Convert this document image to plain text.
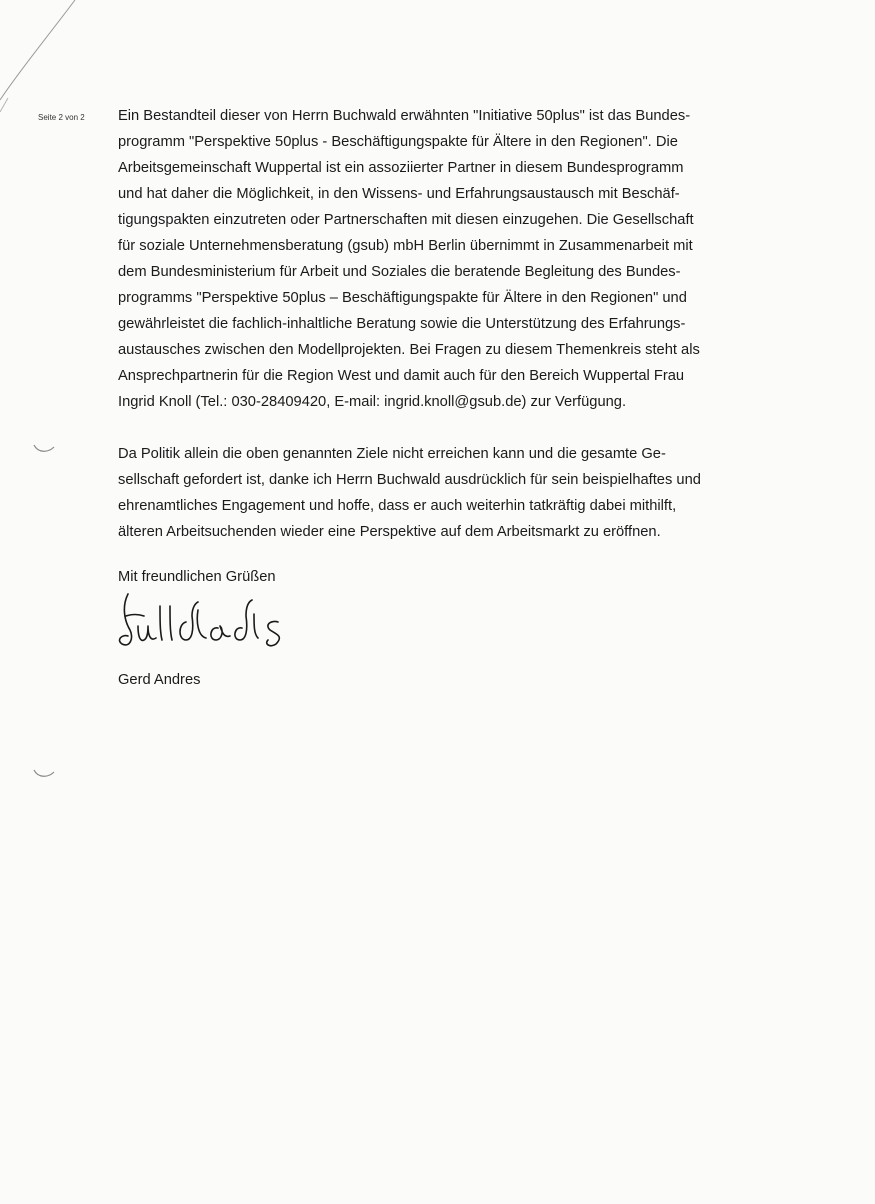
Seite 2 von 2 Ein Bestandteil dieser von Herrn Buchwald erwähnten "Initiative 50plus" ist das Bundes-
programm "Perspektive 50plus - Beschäftigungspakte für Ältere in den Regionen". Die
Arbeitsgemeinschaft Wuppertal ist ein assoziierter Partner in diesem Bundesprogramm
und hat daher die Möglichkeit, in den Wissens- und Erfahrungsaustausch mit Beschäf-
tigungspakten einzutreten oder Partnerschaften mit diesen einzugehen. Die Gesellschaft
für soziale Unternehmensberatung (gsub) mbH Berlin übernimmt in Zusammenarbeit mit
dem Bundesministerium für Arbeit und Soziales die beratende Begleitung des Bundes-
programms "Perspektive 50plus – Beschäftigungspakte für Ältere in den Regionen" und
gewährleistet die fachlich-inhaltliche Beratung sowie die Unterstützung des Erfahrungs-
austausches zwischen den Modellprojekten. Bei Fragen zu diesem Themenkreis steht als
Ansprechpartnerin für die Region West und damit auch für den Bereich Wuppertal Frau
Ingrid Knoll (Tel.: 030-28409420, E-mail: ingrid.knoll@gsub.de) zur Verfügung.

Da Politik allein die oben genannten Ziele nicht erreichen kann und die gesamte Ge-
sellschaft gefordert ist, danke ich Herrn Buchwald ausdrücklich für sein beispielhaftes und
ehrenamtliches Engagement und hoffe, dass er auch weiterhin tatkräftig dabei mithilft,
älteren Arbeitsuchenden wieder eine Perspektive auf dem Arbeitsmarkt zu eröffnen.

Mit freundlichen Grüßen
Gerd Andres
